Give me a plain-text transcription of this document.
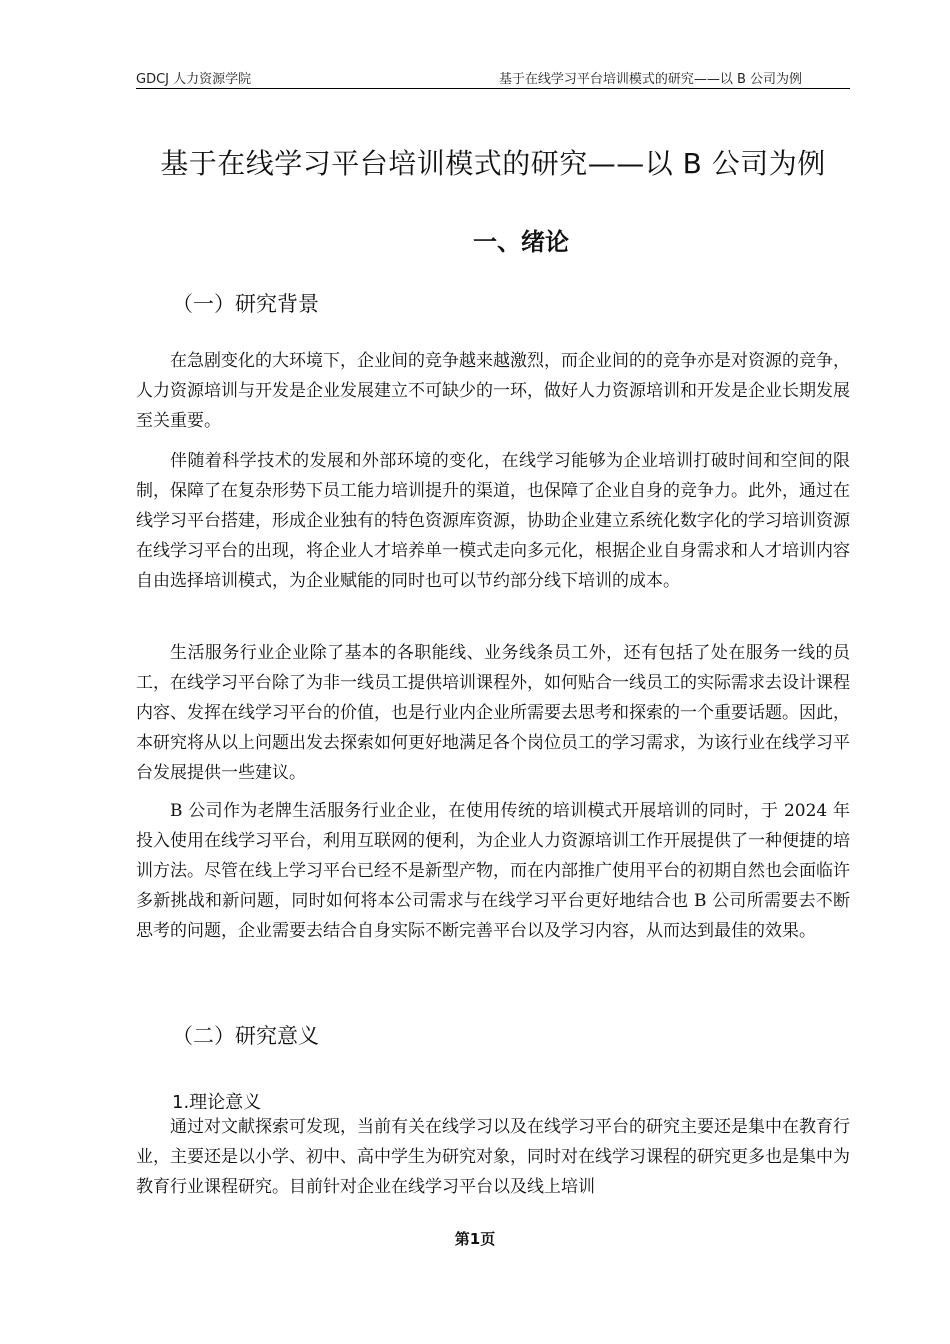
GDCJ 人力资源学院	基于在线学习平台培训模式的研究——以 B 公司为例
基于在线学习平台培训模式的研究——以 B 公司为例
一、绪论
（一）研究背景

在急剧变化的大环境下，企业间的竞争越来越激烈，而企业间的的竞争亦是对资源的竞争，人力资源培训与开发是企业发展建立不可缺少的一环，做好人力资源培训和开发是企业长期发展至关重要。

伴随着科学技术的发展和外部环境的变化，在线学习能够为企业培训打破时间和空间的限制，保障了在复杂形势下员工能力培训提升的渠道，也保障了企业自身的竞争力。此外，通过在线学习平台搭建，形成企业独有的特色资源库资源，协助企业建立系统化数字化的学习培训资源在线学习平台的出现，将企业人才培养单一模式走向多元化，根据企业自身需求和人才培训内容自由选择培训模式，为企业赋能的同时也可以节约部分线下培训的成本。

生活服务行业企业除了基本的各职能线、业务线条员工外，还有包括了处在服务一线的员工，在线学习平台除了为非一线员工提供培训课程外，如何贴合一线员工的实际需求去设计课程内容、发挥在线学习平台的价值，也是行业内企业所需要去思考和探索的一个重要话题。因此，本研究将从以上问题出发去探索如何更好地满足各个岗位员工的学习需求，为该行业在线学习平台发展提供一些建议。

B 公司作为老牌生活服务行业企业，在使用传统的培训模式开展培训的同时，于 2024 年投入使用在线学习平台，利用互联网的便利，为企业人力资源培训工作开展提供了一种便捷的培训方法。尽管在线上学习平台已经不是新型产物，而在内部推广使用平台的初期自然也会面临许多新挑战和新问题，同时如何将本公司需求与在线学习平台更好地结合也 B 公司所需要去不断思考的问题，企业需要去结合自身实际不断完善平台以及学习内容，从而达到最佳的效果。

（二）研究意义
1.理论意义

通过对文献探索可发现，当前有关在线学习以及在线学习平台的研究主要还是集中在教育行业，主要还是以小学、初中、高中学生为研究对象，同时对在线学习课程的研究更多也是集中为教育行业课程研究。目前针对企业在线学习平台以及线上培训

第1页
